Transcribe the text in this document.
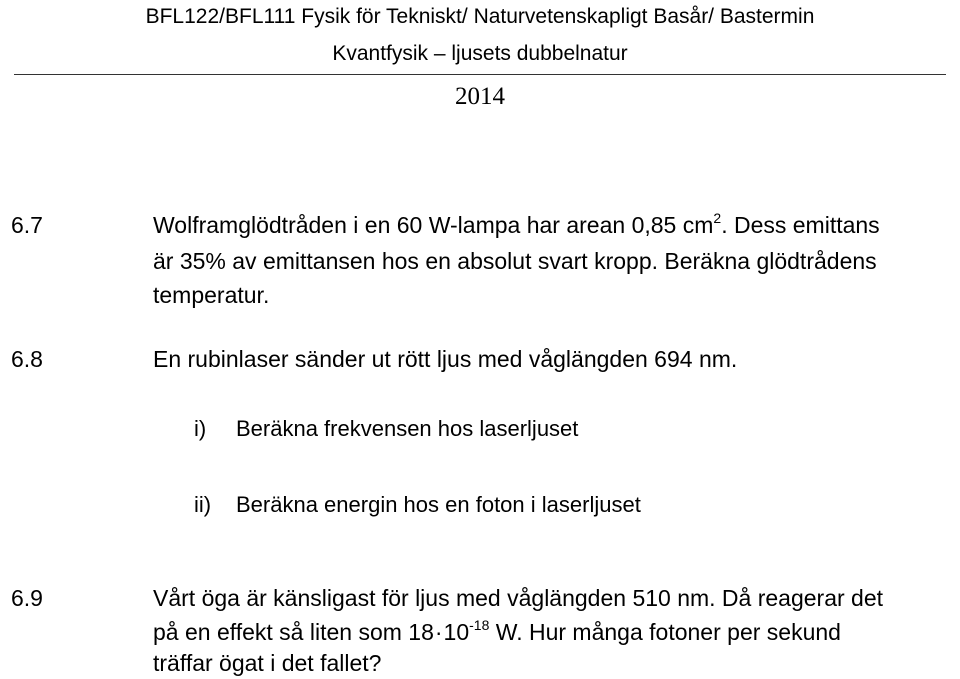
BFL122/BFL111 Fysik för Tekniskt/ Naturvetenskapligt Basår/ Bastermin
Kvantfysik – ljusets dubbelnatur
2014
6.7	Wolframglödtråden i en 60 W-lampa har arean 0,85 $cm^2$. Dess emittans
är 35% av emittansen hos en absolut svart kropp. Beräkna glödtrådens
temperatur.
6.8	En rubinlaser sänder ut rött ljus med våglängden 694 nm.
i) Beräkna frekvensen hos laserljuset
ii) Beräkna energin hos en foton i laserljuset
6.9	Vårt öga är känsligast för ljus med våglängden 510 nm. Då reagerar det
på en effekt så liten som $18\cdot 10^{-18}$ W. Hur många fotoner per sekund
träffar ögat i det fallet?
